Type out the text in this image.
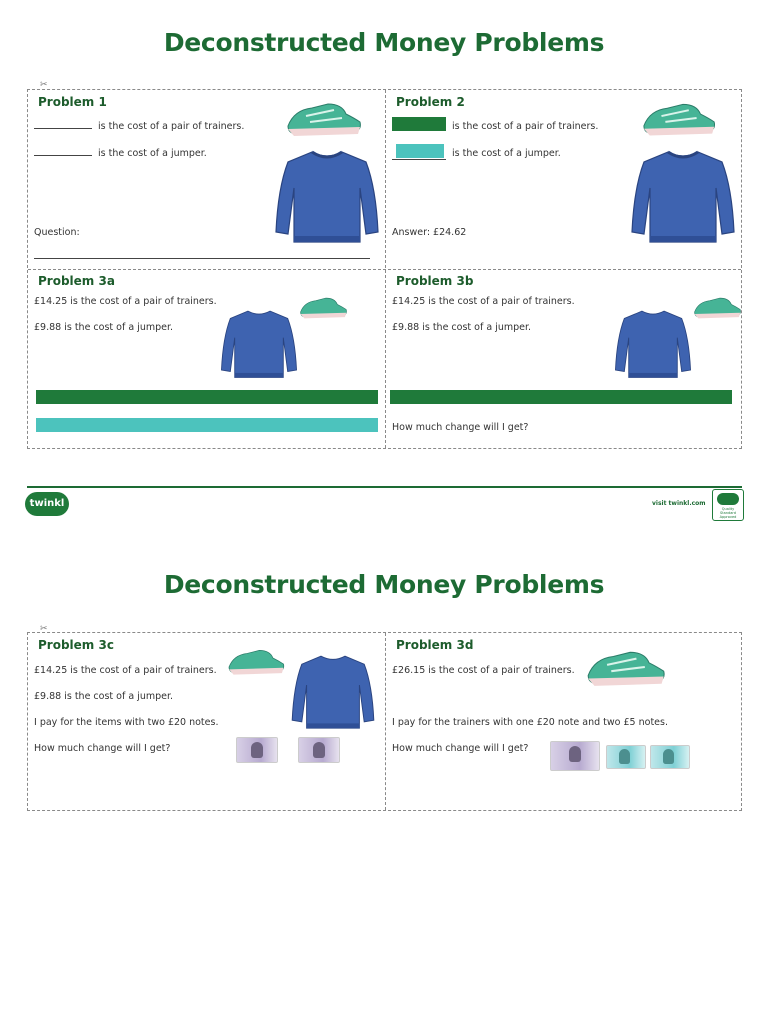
Deconstructed Money Problems
✂
Problem 1
is the cost of a pair of trainers.
is the cost of a jumper.
Question:
Problem 2
is the cost of a pair of trainers.
is the cost of a jumper.
Answer: £24.62
Problem 3a
£14.25 is the cost of a pair of trainers.
£9.88 is the cost of a jumper.
Problem 3b
£14.25 is the cost of a pair of trainers.
£9.88 is the cost of a jumper.
How much change will I get?
twinkl	visit twinkl.com
Quality Standard Approved
Deconstructed Money Problems
✂
Problem 3c
£14.25 is the cost of a pair of trainers.
£9.88 is the cost of a jumper.
I pay for the items with two £20 notes.
How much change will I get?
Problem 3d
£26.15 is the cost of a pair of trainers.
I pay for the trainers with one £20 note and two £5 notes.
How much change will I get?
